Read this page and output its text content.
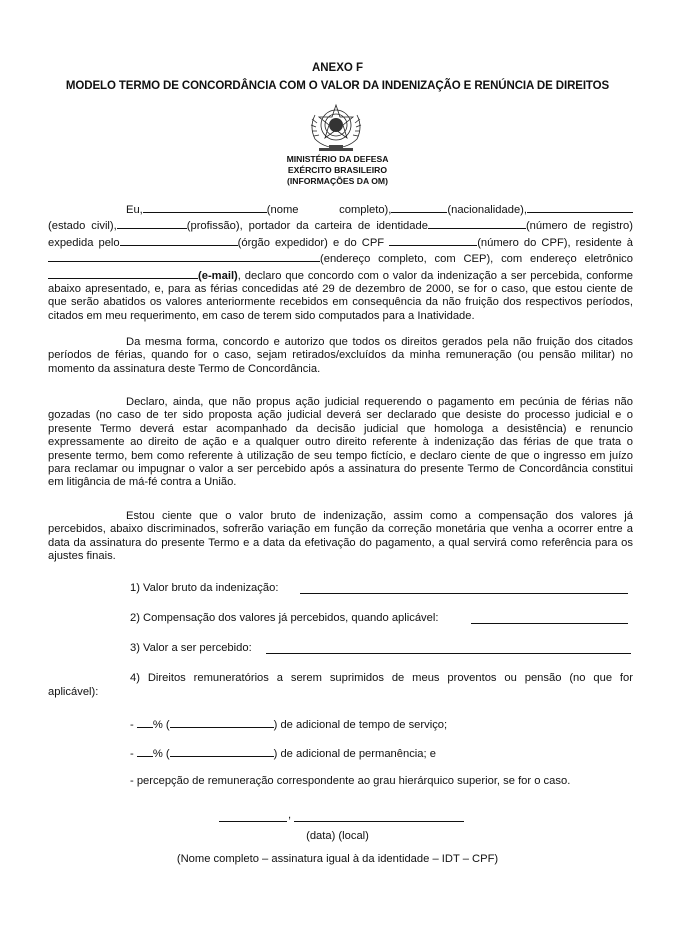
ANEXO F
MODELO TERMO DE CONCORDÂNCIA COM O VALOR DA INDENIZAÇÃO E RENÚNCIA DE DIREITOS
MINISTÉRIO DA DEFESA
EXÉRCITO BRASILEIRO
(INFORMAÇÕES DA OM)

Eu,	(nome completo),	(nacionalidade), (estado civil),	(profissão), portador da carteira de identidade	(número de registro) expedida pelo	(órgão expedidor) e do CPF	(número do CPF), residente à (endereço completo, com CEP), com endereço eletrônico(e-mail), declaro que concordo com o valor da indenização a ser percebida, conforme abaixo apresentado, e, para as férias concedidas até 29 de dezembro de 2000, se for o caso, que estou ciente de que serão abatidos os valores anteriormente recebidos em consequência da não fruição dos respectivos períodos, citados em meu requerimento, em caso de terem sido computados para a Inatividade.

Da mesma forma, concordo e autorizo que todos os direitos gerados pela não fruição dos citados períodos de férias, quando for o caso, sejam retirados/excluídos da minha remuneração (ou pensão militar) no momento da assinatura deste Termo de Concordância.

Declaro, ainda, que não propus ação judicial requerendo o pagamento em pecúnia de férias não gozadas (no caso de ter sido proposta ação judicial deverá ser declarado que desiste do processo judicial e o presente Termo deverá estar acompanhado da decisão judicial que homologa a desistência) e renuncio expressamente ao direito de ação e a qualquer outro direito referente à indenização das férias de que trata o presente termo, bem como referente à utilização de seu tempo fictício, e declaro ciente de que o ingresso em juízo para reclamar ou impugnar o valor a ser percebido após a assinatura do presente Termo de Concordância constitui em litigância de má-fé contra a União.

Estou ciente que o valor bruto de indenização, assim como a compensação dos valores já percebidos, abaixo discriminados, sofrerão variação em função da correção monetária que venha a ocorrer entre a data da assinatura do presente Termo e a data da efetivação do pagamento, a qual servirá como referência para os ajustes finais.

1) Valor bruto da indenização:
2) Compensação dos valores já percebidos, quando aplicável:
3) Valor a ser percebido:
4) Direitos remuneratórios a serem suprimidos de meus proventos ou pensão (no que for
aplicável):
- % (	) de adicional de tempo de serviço;
- % (	) de adicional de permanência; e
- percepção de remuneração correspondente ao grau hierárquico superior, se for o caso.
,
(data) (local)
(Nome completo – assinatura igual à da identidade – IDT – CPF)
